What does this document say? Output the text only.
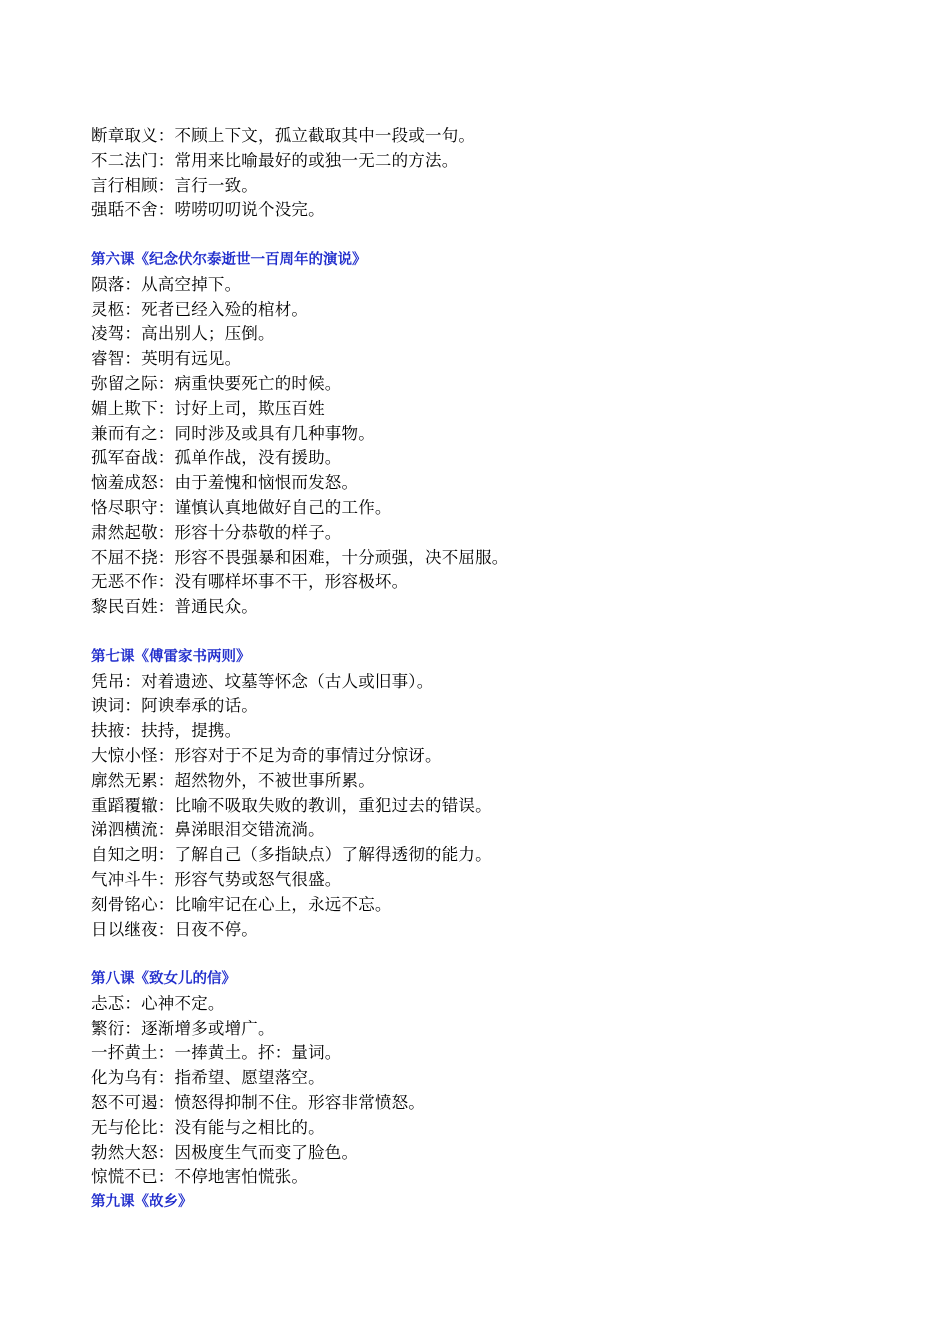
断章取义：不顾上下文，孤立截取其中一段或一句。
不二法门：常用来比喻最好的或独一无二的方法。
言行相顾：言行一致。
强聒不舍：唠唠叨叨说个没完。
第六课《纪念伏尔泰逝世一百周年的演说》
陨落：从高空掉下。
灵柩：死者已经入殓的棺材。
凌驾：高出别人；压倒。
睿智：英明有远见。
弥留之际：病重快要死亡的时候。
媚上欺下：讨好上司，欺压百姓
兼而有之：同时涉及或具有几种事物。
孤军奋战：孤单作战，没有援助。
恼羞成怒：由于羞愧和恼恨而发怒。
恪尽职守：谨慎认真地做好自己的工作。
肃然起敬：形容十分恭敬的样子。
不屈不挠：形容不畏强暴和困难，十分顽强，决不屈服。
无恶不作：没有哪样坏事不干，形容极坏。
黎民百姓：普通民众。
第七课《傅雷家书两则》
凭吊：对着遗迹、坟墓等怀念（古人或旧事）。
谀词：阿谀奉承的话。
扶掖：扶持，提携。
大惊小怪：形容对于不足为奇的事情过分惊讶。
廓然无累：超然物外，不被世事所累。
重蹈覆辙：比喻不吸取失败的教训，重犯过去的错误。
涕泗横流：鼻涕眼泪交错流淌。
自知之明：了解自己（多指缺点）了解得透彻的能力。
气冲斗牛：形容气势或怒气很盛。
刻骨铭心：比喻牢记在心上，永远不忘。
日以继夜：日夜不停。
第八课《致女儿的信》
忐忑：心神不定。
繁衍：逐渐增多或增广。
一抔黄土：一捧黄土。抔：量词。
化为乌有：指希望、愿望落空。
怒不可遏：愤怒得抑制不住。形容非常愤怒。
无与伦比：没有能与之相比的。
勃然大怒：因极度生气而变了脸色。
惊慌不已：不停地害怕慌张。
第九课《故乡》
